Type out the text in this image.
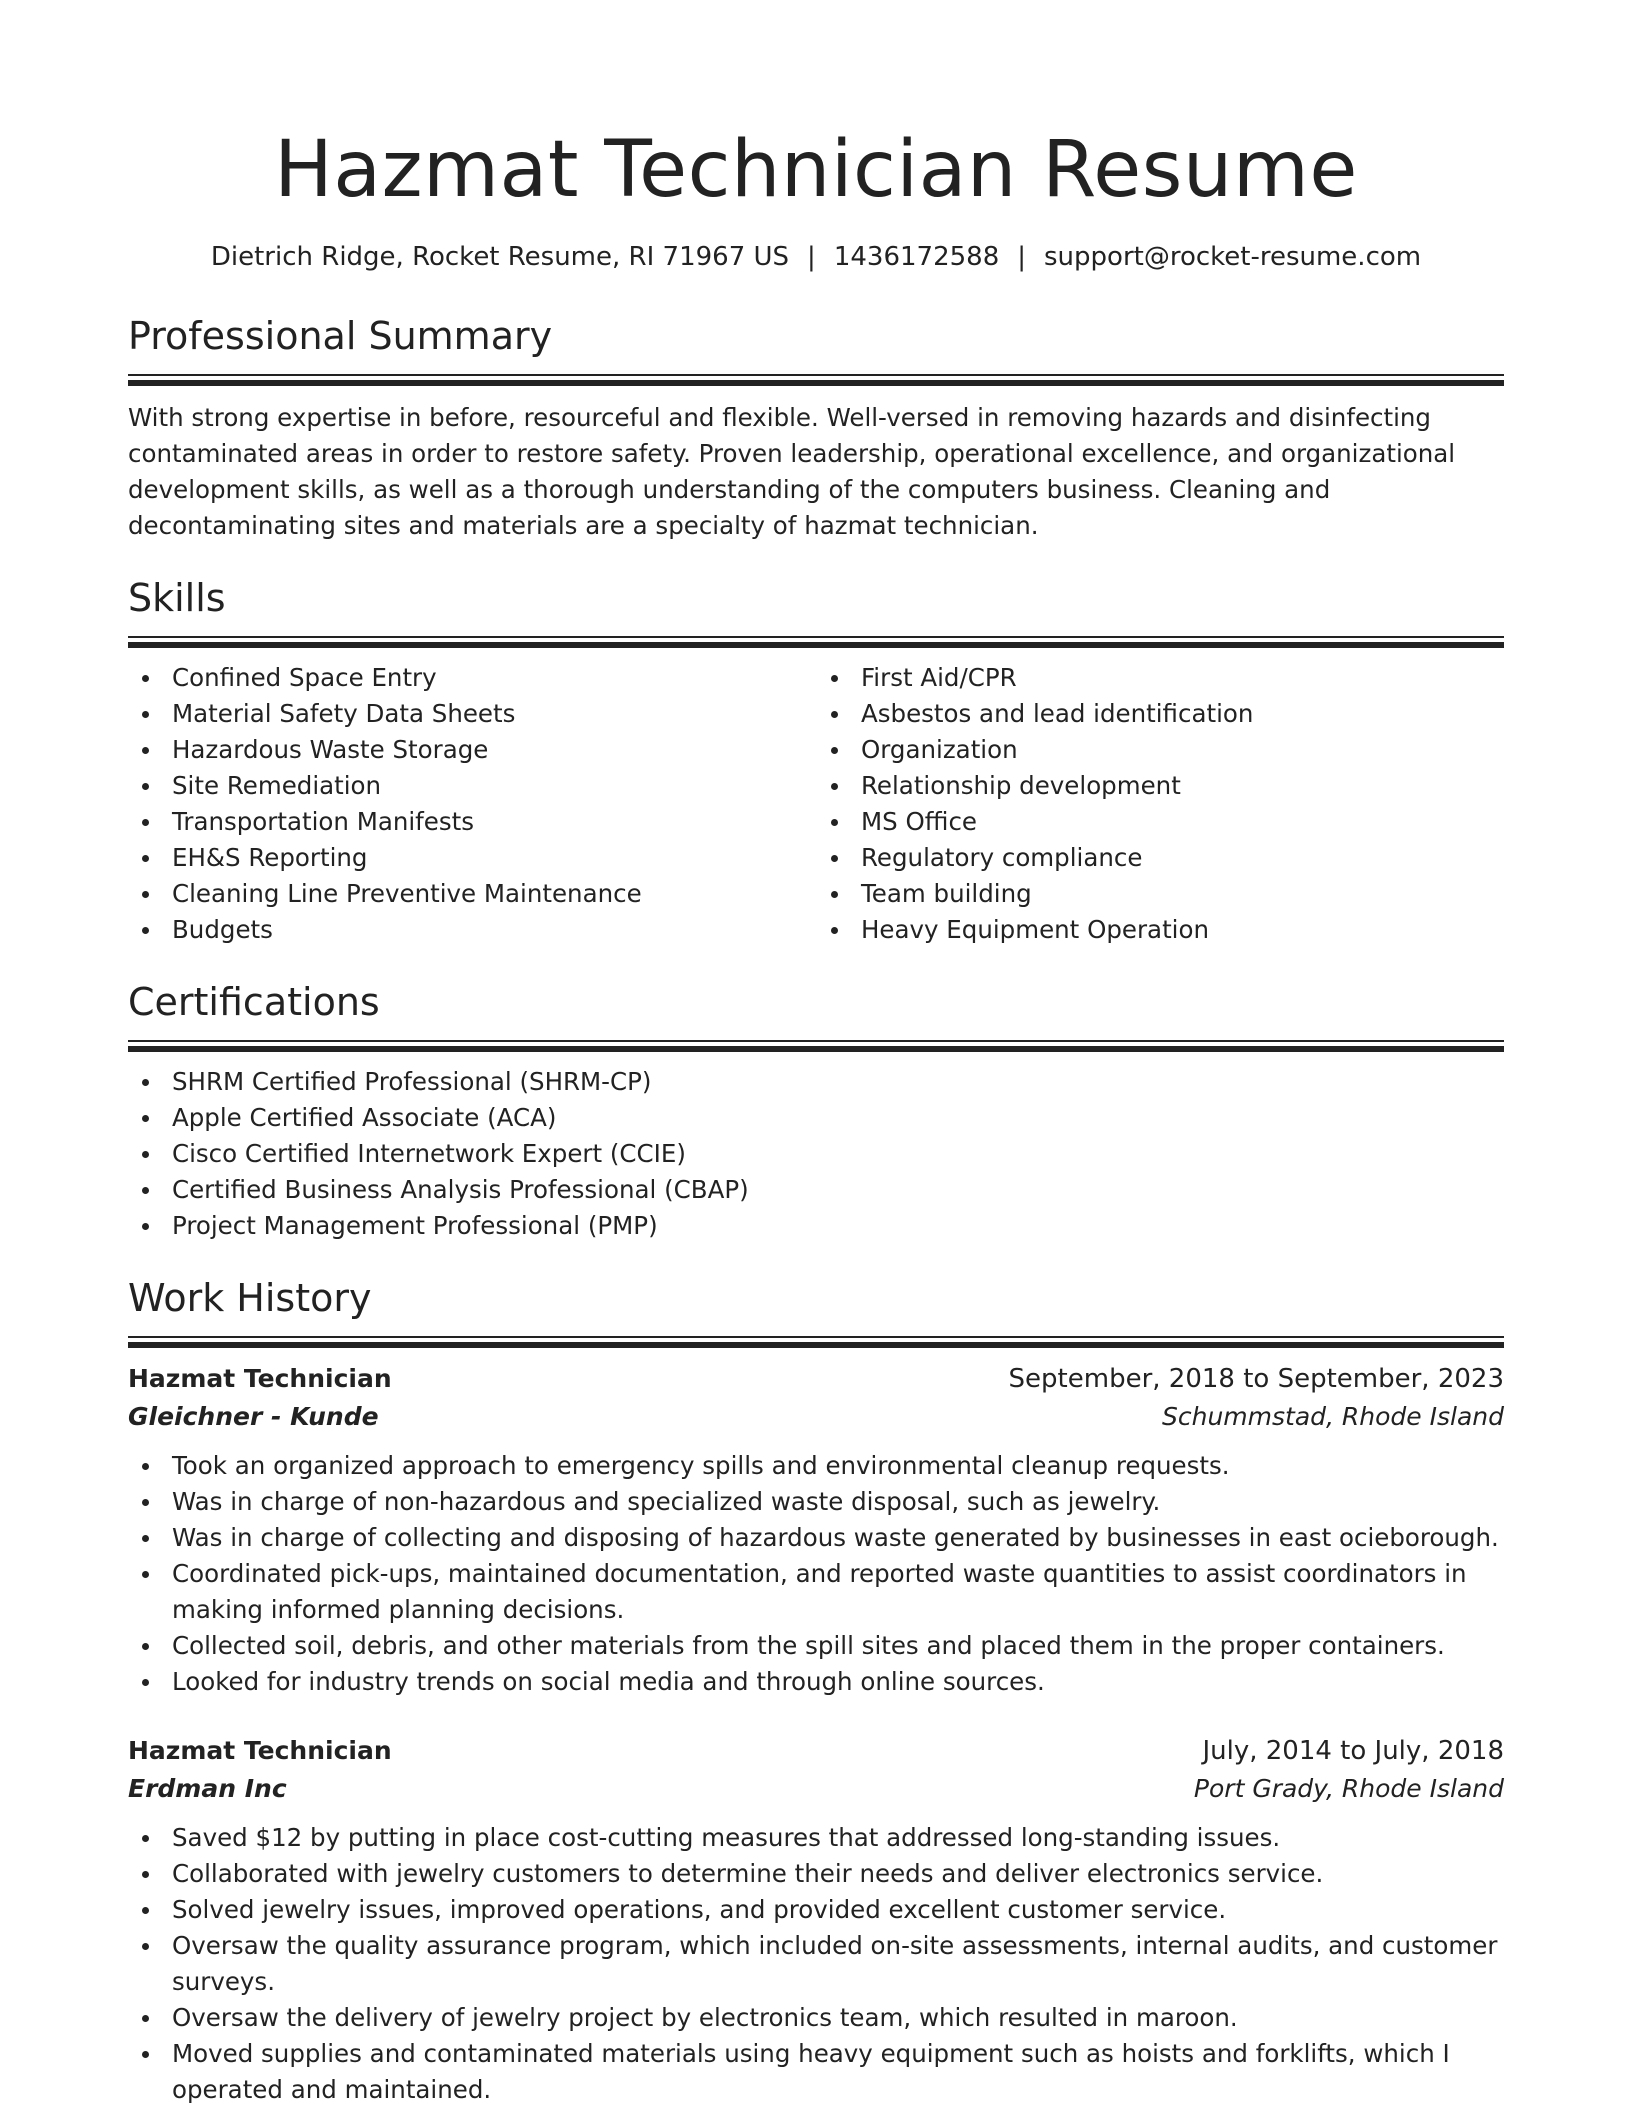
Hazmat Technician Resume
Dietrich Ridge, Rocket Resume, RI 71967 US | 1436172588 | support@rocket-resume.com
Professional Summary

With strong expertise in before, resourceful and flexible. Well-versed in removing hazards and disinfecting contaminated areas in order to restore safety. Proven leadership, operational excellence, and organizational development skills, as well as a thorough understanding of the computers business. Cleaning and decontaminating sites and materials are a specialty of hazmat technician.

Skills
Confined Space Entry
Material Safety Data Sheets
Hazardous Waste Storage
Site Remediation
Transportation Manifests
EH&S Reporting
Cleaning Line Preventive Maintenance
Budgets
First Aid/CPR
Asbestos and lead identification
Organization
Relationship development
MS Office
Regulatory compliance
Team building
Heavy Equipment Operation
Certifications
SHRM Certified Professional (SHRM-CP)
Apple Certified Associate (ACA)
Cisco Certified Internetwork Expert (CCIE)
Certified Business Analysis Professional (CBAP)
Project Management Professional (PMP)
Work History
Hazmat Technician	September, 2018 to September, 2023
Gleichner - Kunde	Schummstad, Rhode Island
Took an organized approach to emergency spills and environmental cleanup requests.
Was in charge of non-hazardous and specialized waste disposal, such as jewelry.
Was in charge of collecting and disposing of hazardous waste generated by businesses in east ocieborough.
Coordinated pick-ups, maintained documentation, and reported waste quantities to assist coordinators in making informed planning decisions.
Collected soil, debris, and other materials from the spill sites and placed them in the proper containers.
Looked for industry trends on social media and through online sources.
Hazmat Technician	July, 2014 to July, 2018
Erdman Inc	Port Grady, Rhode Island
Saved $12 by putting in place cost-cutting measures that addressed long-standing issues.
Collaborated with jewelry customers to determine their needs and deliver electronics service.
Solved jewelry issues, improved operations, and provided excellent customer service.
Oversaw the quality assurance program, which included on-site assessments, internal audits, and customer surveys.
Oversaw the delivery of jewelry project by electronics team, which resulted in maroon.
Moved supplies and contaminated materials using heavy equipment such as hoists and forklifts, which I operated and maintained.
